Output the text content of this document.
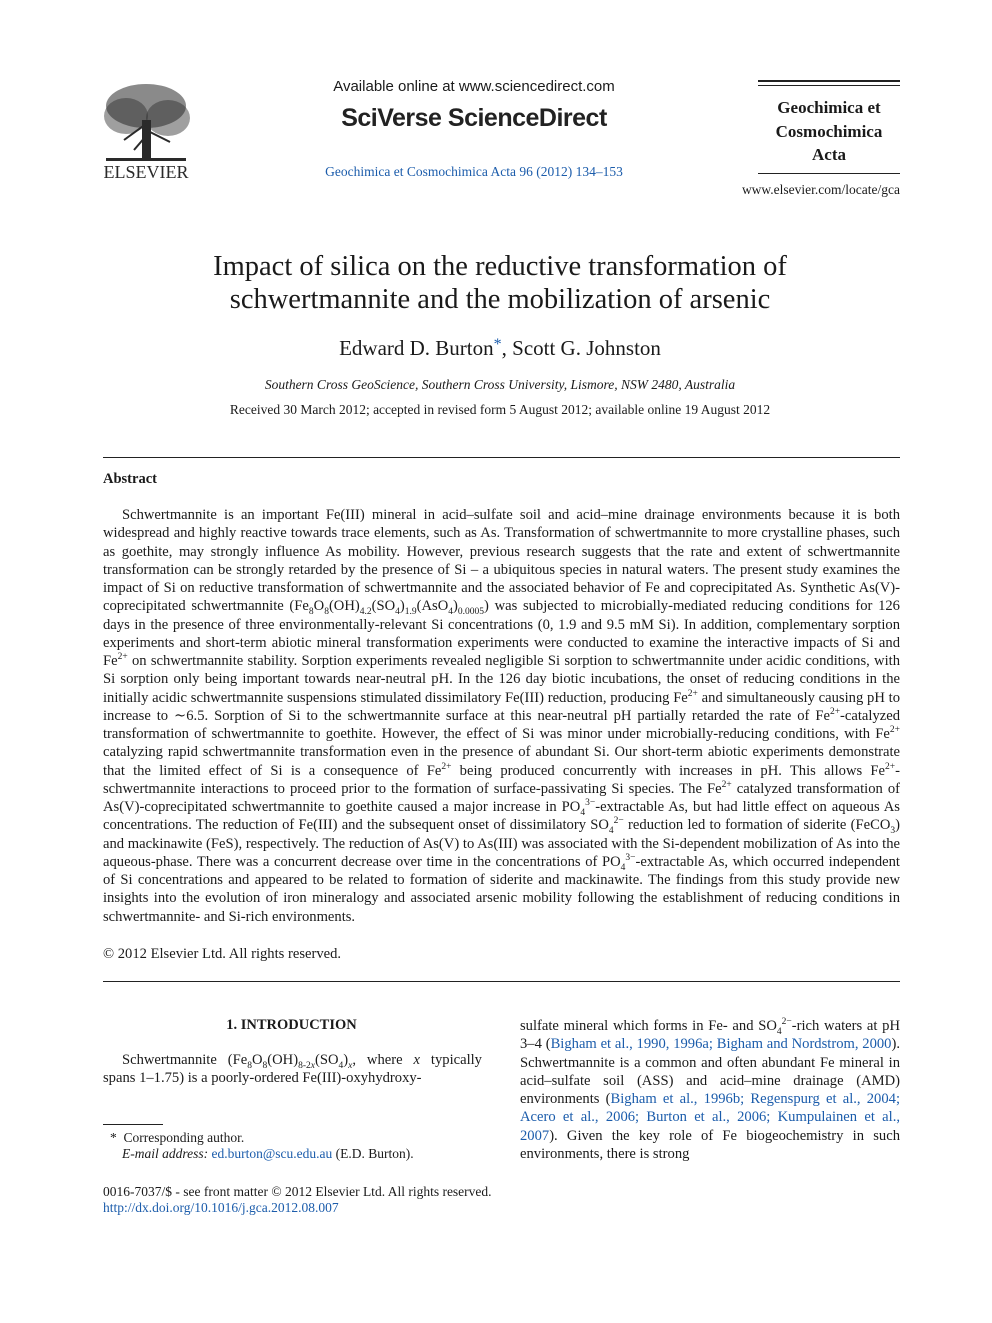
ELSEVIER
Available online at www.sciencedirect.com
SciVerse ScienceDirect
Geochimica et Cosmochimica Acta 96 (2012) 134–153
Geochimica et
Cosmochimica
Acta
www.elsevier.com/locate/gca
Impact of silica on the reductive transformation of
schwertmannite and the mobilization of arsenic
Edward D. Burton*, Scott G. Johnston
Southern Cross GeoScience, Southern Cross University, Lismore, NSW 2480, Australia
Received 30 March 2012; accepted in revised form 5 August 2012; available online 19 August 2012
Abstract

Schwertmannite is an important Fe(III) mineral in acid–sulfate soil and acid–mine drainage environments because it is both widespread and highly reactive towards trace elements, such as As. Transformation of schwertmannite to more crystalline phases, such as goethite, may strongly influence As mobility. However, previous research suggests that the rate and extent of schwertmannite transformation can be strongly retarded by the presence of Si – a ubiquitous species in natural waters. The present study examines the impact of Si on reductive transformation of schwertmannite and the associated behavior of Fe and coprecipitated As. Synthetic As(V)-coprecipitated schwertmannite $(Fe_8O_8(OH)_{4.2}(SO_4)_{1.9}(AsO_4)_{0.0005})$ was subjected to microbially-mediated reducing conditions for 126 days in the presence of three environmentally-relevant Si concentrations (0, 1.9 and 9.5 mM Si). In addition, complementary sorption experiments and short-term abiotic mineral transformation experiments were conducted to examine the interactive impacts of Si and $Fe^{2+}$ on schwertmannite stability. Sorption experiments revealed negligible Si sorption to schwertmannite under acidic conditions, with Si sorption only being important towards near-neutral pH. In the 126 day biotic incubations, the onset of reducing conditions in the initially acidic schwertmannite suspensions stimulated dissimilatory Fe(III) reduction, producing $Fe^{2+}$ and simultaneously causing pH to increase to ∼6.5. Sorption of Si to the schwertmannite surface at this near-neutral pH partially retarded the rate of $Fe^{2+}$-catalyzed transformation of schwertmannite to goethite. However, the effect of Si was minor under microbially-reducing conditions, with $Fe^{2+}$ catalyzing rapid schwertmannite transformation even in the presence of abundant Si. Our short-term abiotic experiments demonstrate that the limited effect of Si is a consequence of $Fe^{2+}$ being produced concurrently with increases in pH. This allows $Fe^{2+}$-schwertmannite interactions to proceed prior to the formation of surface-passivating Si species. The $Fe^{2+}$ catalyzed transformation of As(V)-coprecipitated schwertmannite to goethite caused a major increase in $PO_4^{3-}$-extractable As, but had little effect on aqueous As concentrations. The reduction of Fe(III) and the subsequent onset of dissimilatory $SO_4^{2-}$ reduction led to formation of siderite (FeCO$_3$) and mackinawite (FeS), respectively. The reduction of As(V) to As(III) was associated with the Si-dependent mobilization of As into the aqueous-phase. There was a concurrent decrease over time in the concentrations of $PO_4^{3-}$-extractable As, which occurred independent of Si concentrations and appeared to be related to formation of siderite and mackinawite. The findings from this study provide new insights into the evolution of iron mineralogy and associated arsenic mobility following the establishment of reducing conditions in schwertmannite- and Si-rich environments.

© 2012 Elsevier Ltd. All rights reserved.
1. INTRODUCTION

Schwertmannite ($Fe_8O_8(OH)_{8-2x}(SO_4)_x$, where x typically spans 1–1.75) is a poorly-ordered Fe(III)-oxyhydroxy-

sulfate mineral which forms in Fe- and $SO_4^{2-}$-rich waters at pH 3–4 (Bigham et al., 1990, 1996a; Bigham and Nordstrom, 2000). Schwertmannite is a common and often abundant Fe mineral in acid–sulfate soil (ASS) and acid–mine drainage (AMD) environments (Bigham et al., 1996b; Regenspurg et al., 2004; Acero et al., 2006; Burton et al., 2006; Kumpulainen et al., 2007). Given the key role of Fe biogeochemistry in such environments, there is strong

* Corresponding author.
E-mail address: ed.burton@scu.edu.au (E.D. Burton).
0016-7037/$ - see front matter © 2012 Elsevier Ltd. All rights reserved.
http://dx.doi.org/10.1016/j.gca.2012.08.007
